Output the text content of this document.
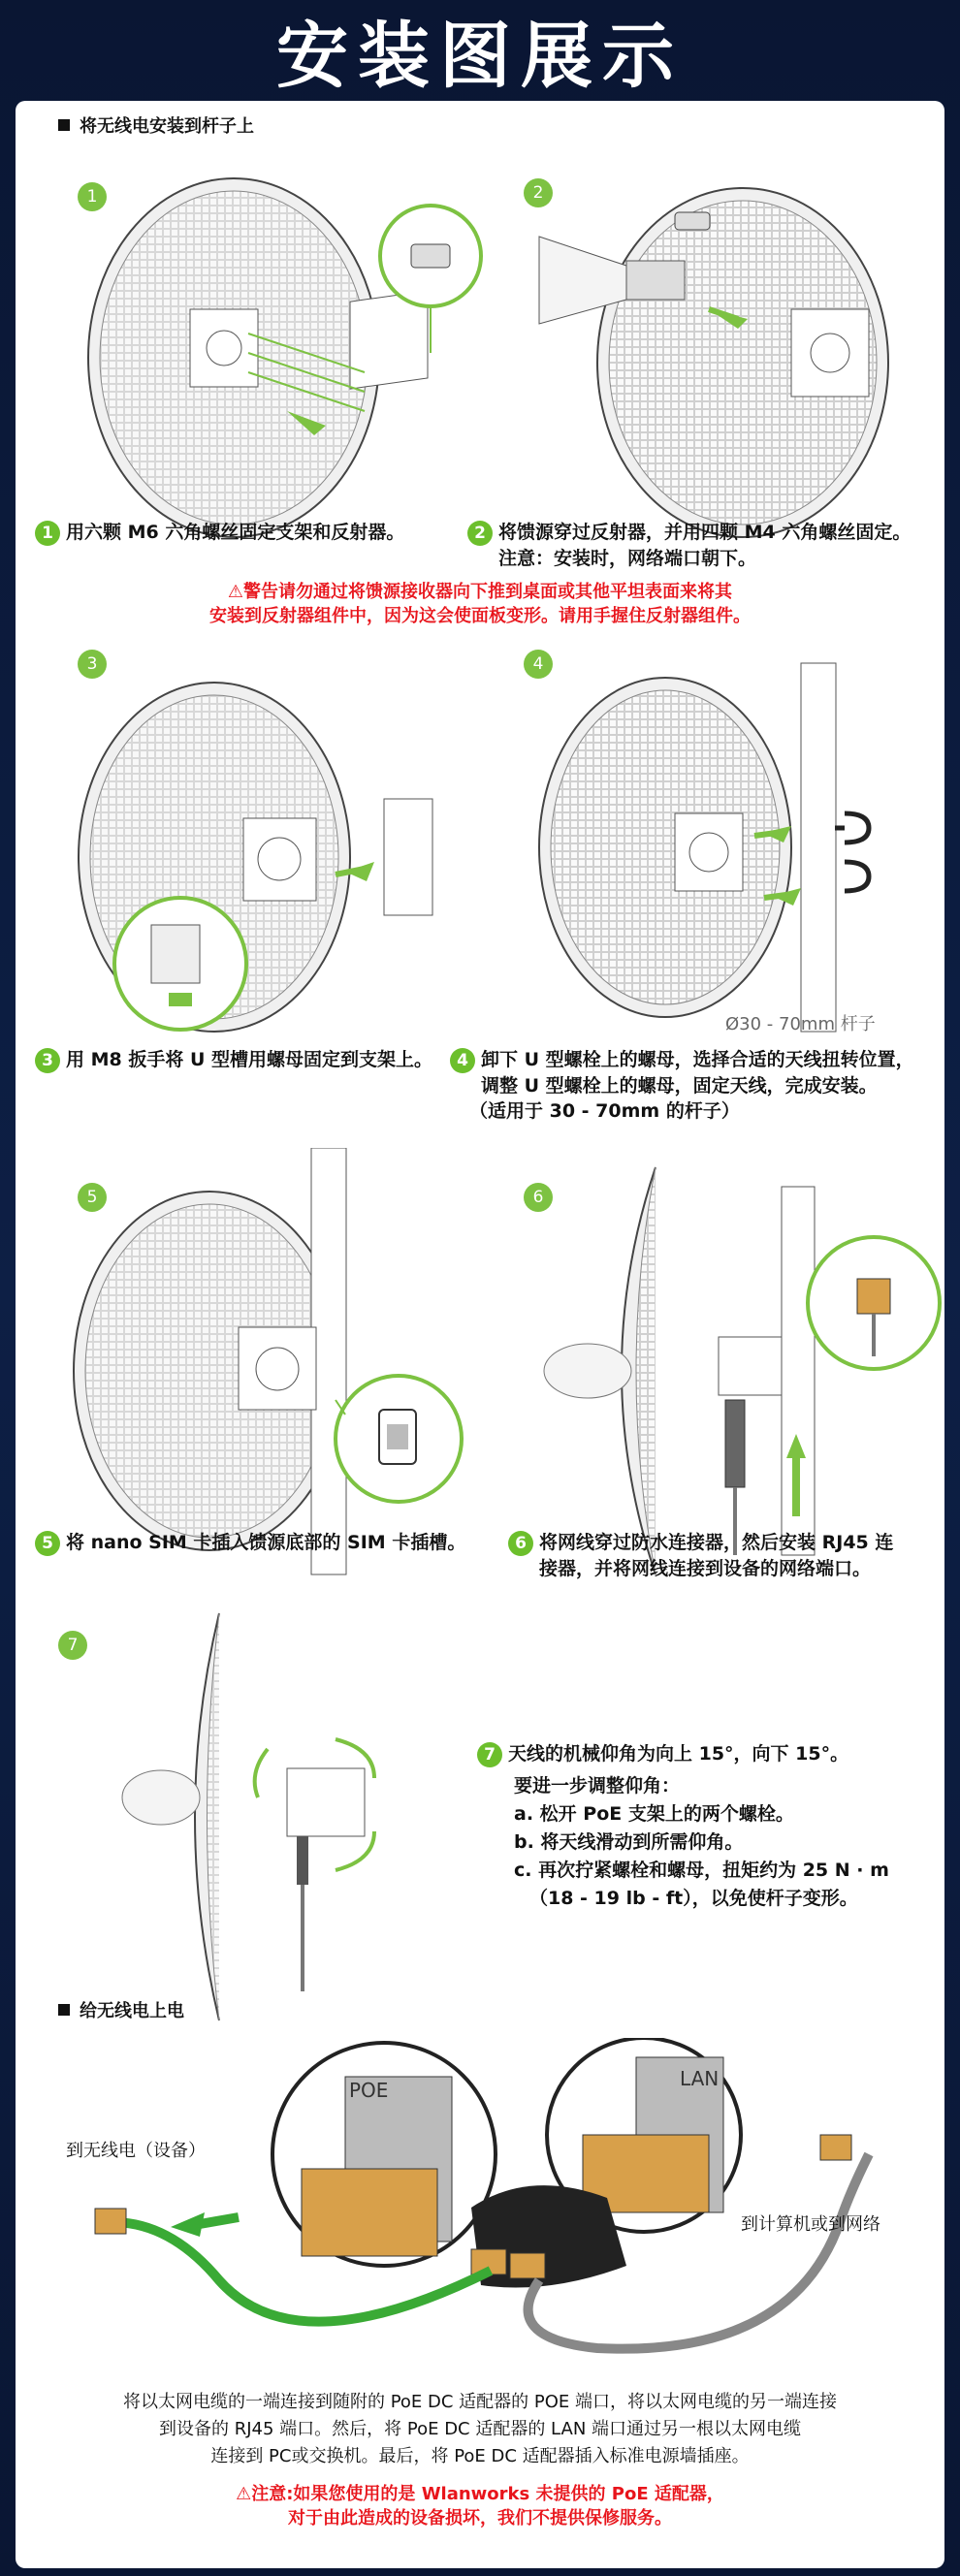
安装图展示
将无线电安装到杆子上
1	2
1 用六颗 M6 六角螺丝固定支架和反射器。	2 将馈源穿过反射器，并用四颗 M4 六角螺丝固定。
注意：安装时，网络端口朝下。
⚠警告请勿通过将馈源接收器向下推到桌面或其他平坦表面来将其
安装到反射器组件中，因为这会使面板变形。请用手握住反射器组件。
3	4
Ø30 - 70mm 杆子
3 用 M8 扳手将 U 型槽用螺母固定到支架上。	4 卸下 U 型螺栓上的螺母，选择合适的天线扭转位置，
调整 U 型螺栓上的螺母，固定天线，完成安装。
（适用于 30 - 70mm 的杆子）
5	6
5 将 nano SIM 卡插入馈源底部的 SIM 卡插槽。	6 将网线穿过防水连接器，然后安装 RJ45 连
接器，并将网线连接到设备的网络端口。
7
7 天线的机械仰角为向上 15°，向下 15°。
要进一步调整仰角：
a. 松开 PoE 支架上的两个螺栓。
b. 将天线滑动到所需仰角。
c. 再次拧紧螺栓和螺母，扭矩约为 25 N · m
（18 - 19 lb - ft），以免使杆子变形。
给无线电上电
POE	LAN
到无线电（设备）
到计算机或到网络
将以太网电缆的一端连接到随附的 PoE DC 适配器的 POE 端口，将以太网电缆的另一端连接
到设备的 RJ45 端口。然后，将 PoE DC 适配器的 LAN 端口通过另一根以太网电缆
连接到 PC或交换机。最后，将 PoE DC 适配器插入标准电源墙插座。
⚠注意:如果您使用的是 Wlanworks 未提供的 PoE 适配器，
对于由此造成的设备损坏，我们不提供保修服务。
